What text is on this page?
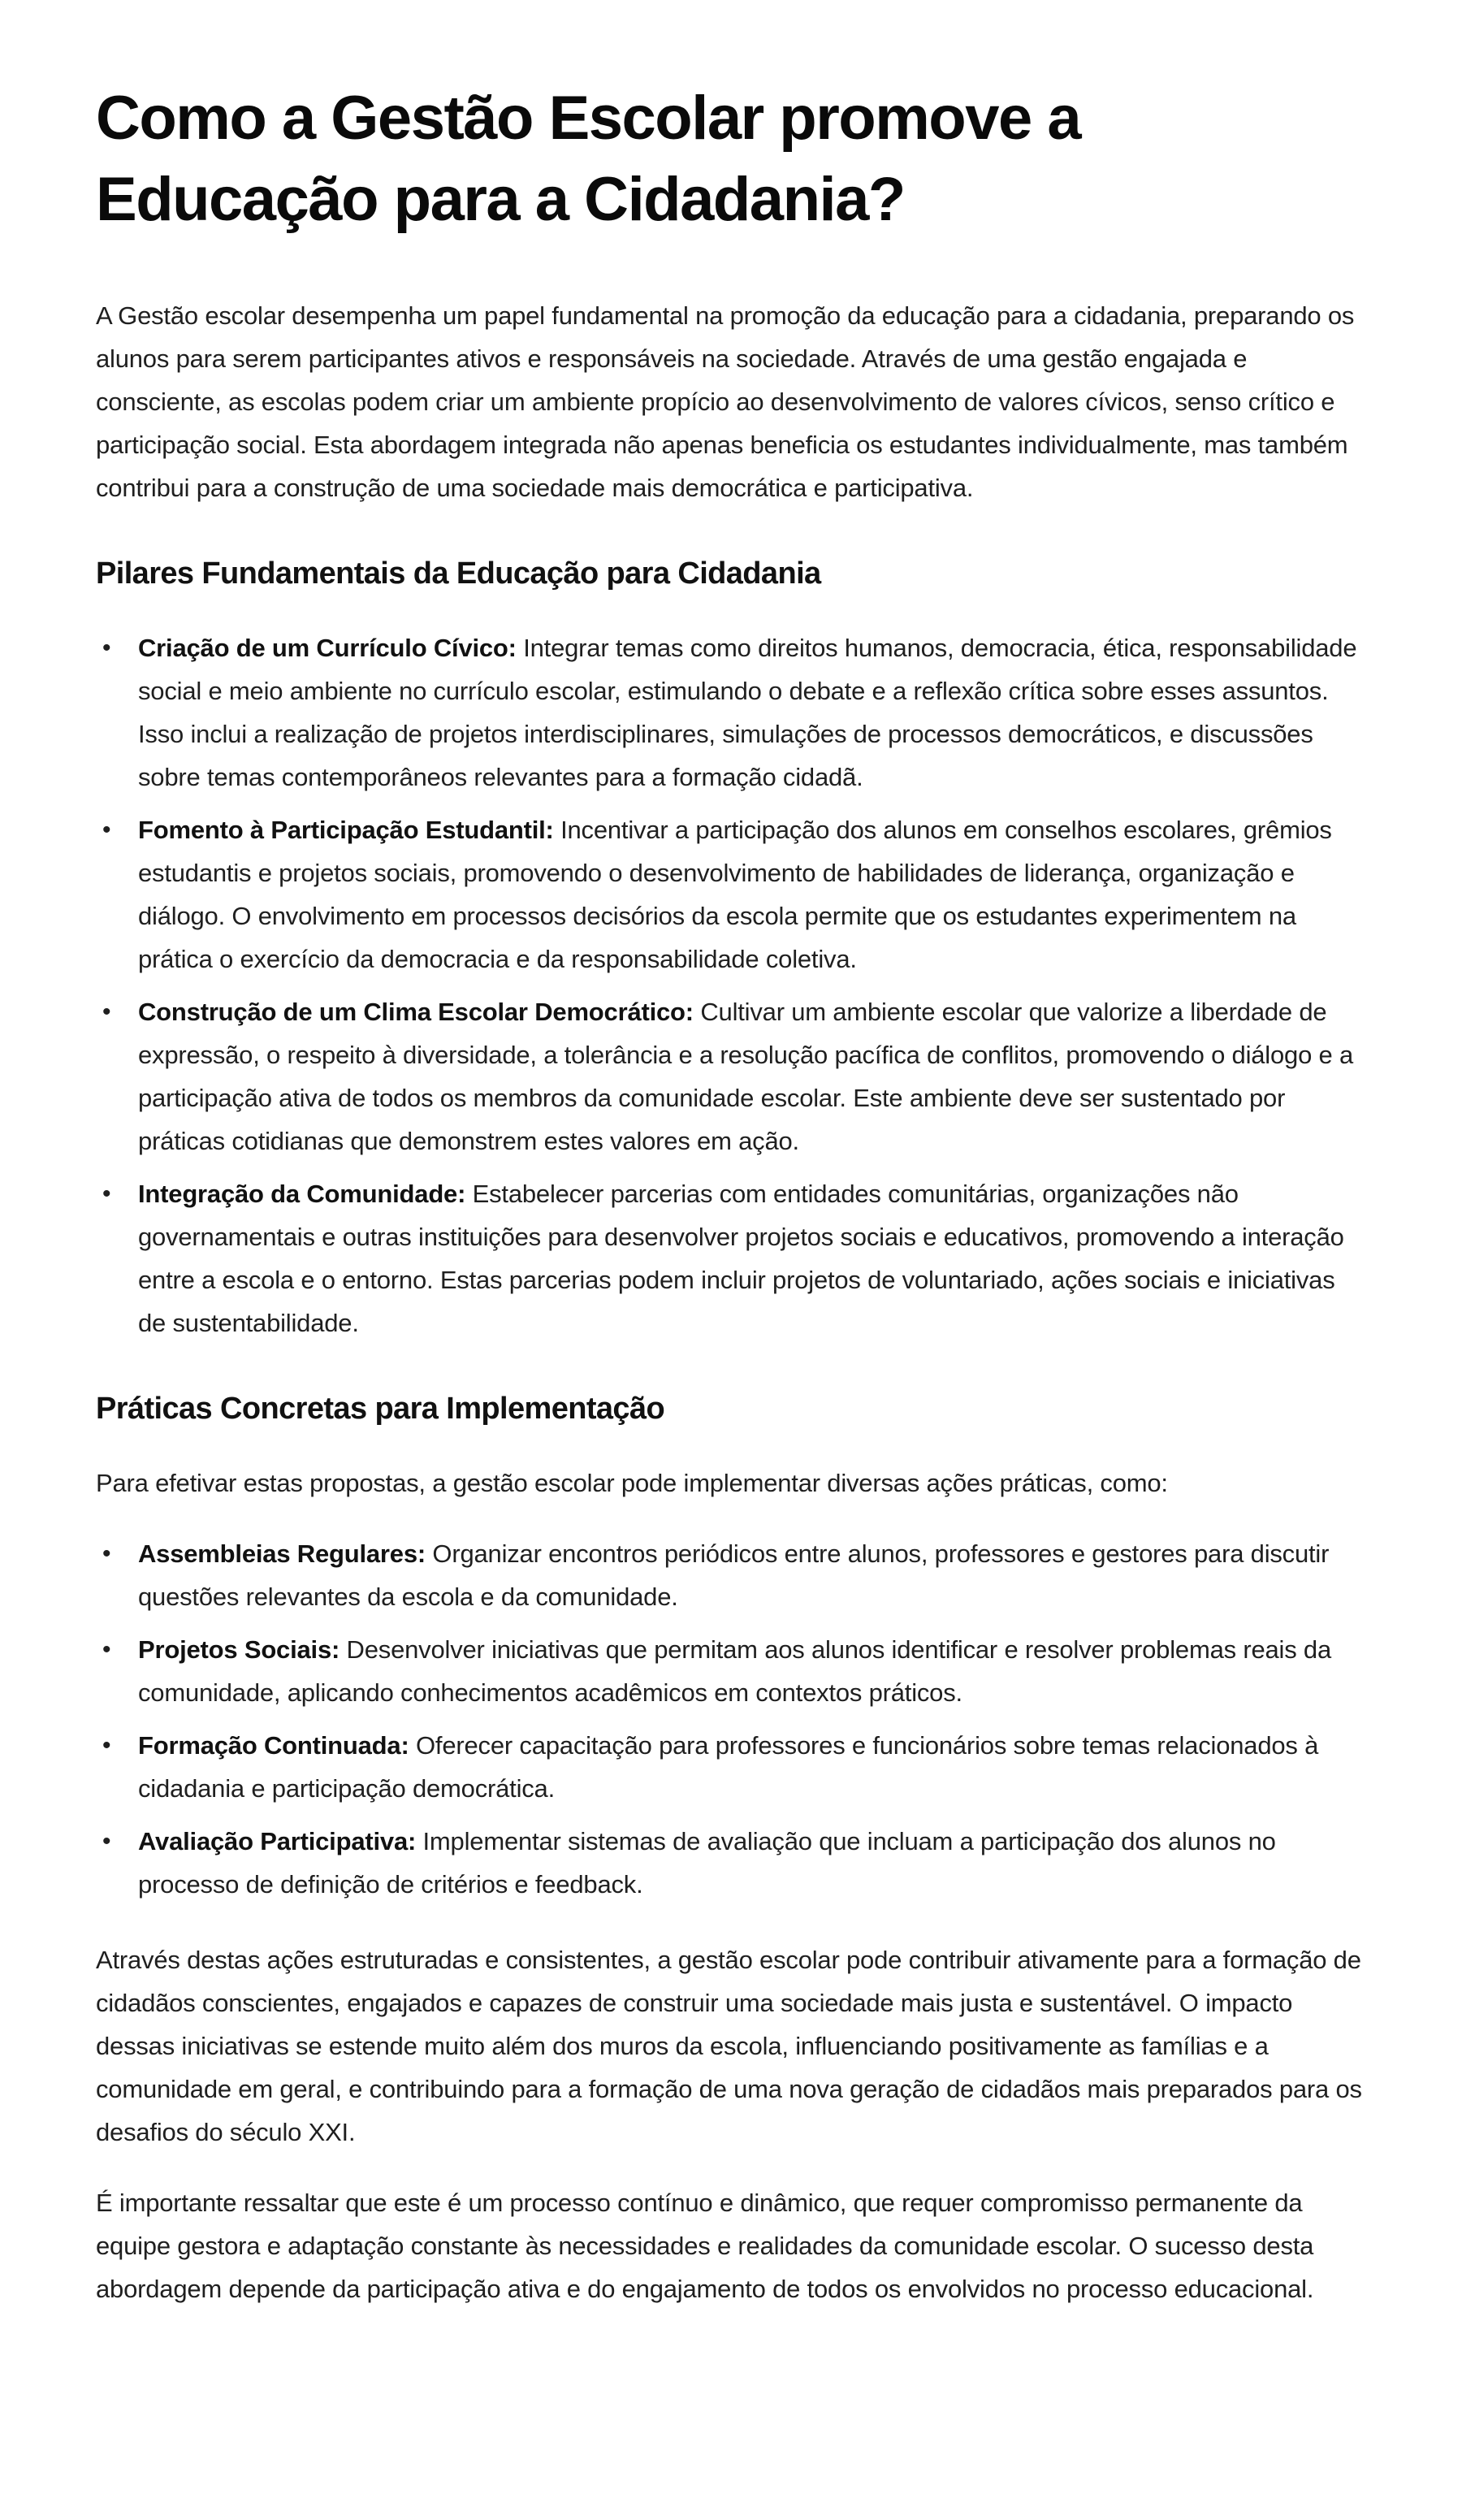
Como a Gestão Escolar promove a Educação para a Cidadania?

A Gestão escolar desempenha um papel fundamental na promoção da educação para a cidadania, preparando os alunos para serem participantes ativos e responsáveis na sociedade. Através de uma gestão engajada e consciente, as escolas podem criar um ambiente propício ao desenvolvimento de valores cívicos, senso crítico e participação social. Esta abordagem integrada não apenas beneficia os estudantes individualmente, mas também contribui para a construção de uma sociedade mais democrática e participativa.

Pilares Fundamentais da Educação para Cidadania
• Criação de um Currículo Cívico: Integrar temas como direitos humanos, democracia, ética, responsabilidade social e meio ambiente no currículo escolar, estimulando o debate e a reflexão crítica sobre esses assuntos. Isso inclui a realização de projetos interdisciplinares, simulações de processos democráticos, e discussões sobre temas contemporâneos relevantes para a formação cidadã.
• Fomento à Participação Estudantil: Incentivar a participação dos alunos em conselhos escolares, grêmios estudantis e projetos sociais, promovendo o desenvolvimento de habilidades de liderança, organização e diálogo. O envolvimento em processos decisórios da escola permite que os estudantes experimentem na prática o exercício da democracia e da responsabilidade coletiva.
• Construção de um Clima Escolar Democrático: Cultivar um ambiente escolar que valorize a liberdade de expressão, o respeito à diversidade, a tolerância e a resolução pacífica de conflitos, promovendo o diálogo e a participação ativa de todos os membros da comunidade escolar. Este ambiente deve ser sustentado por práticas cotidianas que demonstrem estes valores em ação.
• Integração da Comunidade: Estabelecer parcerias com entidades comunitárias, organizações não governamentais e outras instituições para desenvolver projetos sociais e educativos, promovendo a interação entre a escola e o entorno. Estas parcerias podem incluir projetos de voluntariado, ações sociais e iniciativas de sustentabilidade.
Práticas Concretas para Implementação

Para efetivar estas propostas, a gestão escolar pode implementar diversas ações práticas, como:

• Assembleias Regulares: Organizar encontros periódicos entre alunos, professores e gestores para discutir questões relevantes da escola e da comunidade.
• Projetos Sociais: Desenvolver iniciativas que permitam aos alunos identificar e resolver problemas reais da comunidade, aplicando conhecimentos acadêmicos em contextos práticos.
• Formação Continuada: Oferecer capacitação para professores e funcionários sobre temas relacionados à cidadania e participação democrática.
• Avaliação Participativa: Implementar sistemas de avaliação que incluam a participação dos alunos no processo de definição de critérios e feedback.

Através destas ações estruturadas e consistentes, a gestão escolar pode contribuir ativamente para a formação de cidadãos conscientes, engajados e capazes de construir uma sociedade mais justa e sustentável. O impacto dessas iniciativas se estende muito além dos muros da escola, influenciando positivamente as famílias e a comunidade em geral, e contribuindo para a formação de uma nova geração de cidadãos mais preparados para os desafios do século XXI.

É importante ressaltar que este é um processo contínuo e dinâmico, que requer compromisso permanente da equipe gestora e adaptação constante às necessidades e realidades da comunidade escolar. O sucesso desta abordagem depende da participação ativa e do engajamento de todos os envolvidos no processo educacional.
